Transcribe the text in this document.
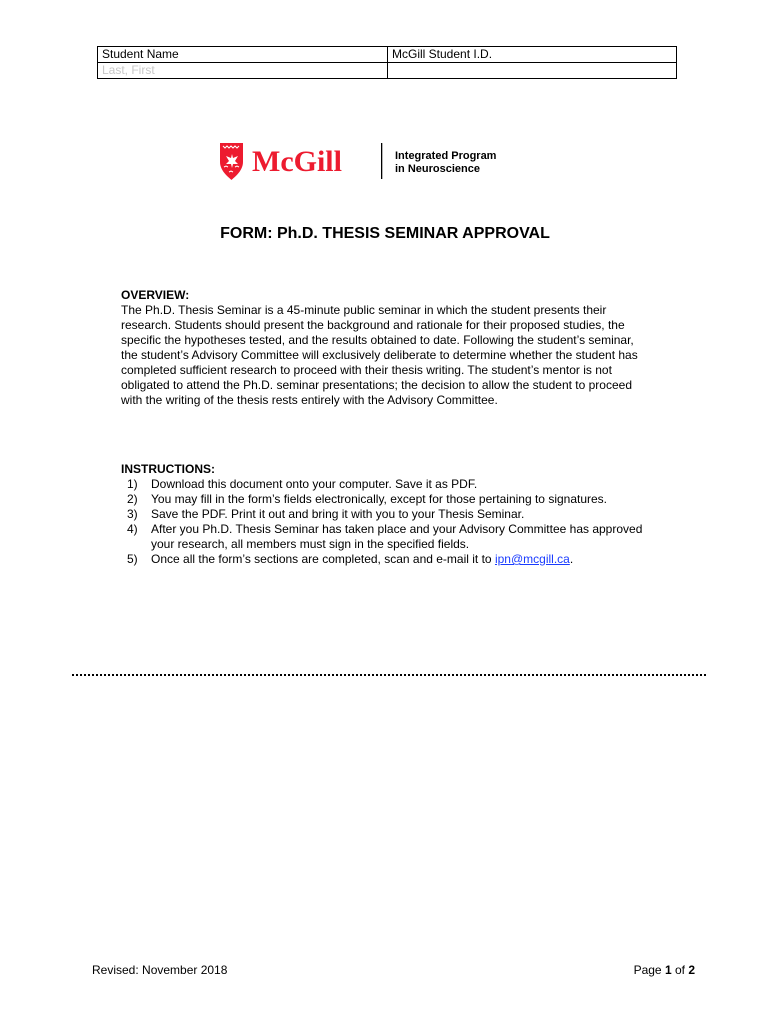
Student Name	McGill Student I.D.
Last, First	
McGill	Integrated Program
in Neuroscience
FORM: Ph.D. THESIS SEMINAR APPROVAL
OVERVIEW:
The Ph.D. Thesis Seminar is a 45-minute public seminar in which the student presents their
research. Students should present the background and rationale for their proposed studies, the
specific the hypotheses tested, and the results obtained to date. Following the student’s seminar,
the student’s Advisory Committee will exclusively deliberate to determine whether the student has
completed sufficient research to proceed with their thesis writing. The student’s mentor is not
obligated to attend the Ph.D. seminar presentations; the decision to allow the student to proceed
with the writing of the thesis rests entirely with the Advisory Committee.
INSTRUCTIONS:
1) Download this document onto your computer. Save it as PDF.
2) You may fill in the form’s fields electronically, except for those pertaining to signatures.
3) Save the PDF. Print it out and bring it with you to your Thesis Seminar.
4) After you Ph.D. Thesis Seminar has taken place and your Advisory Committee has approved
your research, all members must sign in the specified fields.
5) Once all the form’s sections are completed, scan and e-mail it to ipn@mcgill.ca.
Revised: November 2018	Page 1 of 2
